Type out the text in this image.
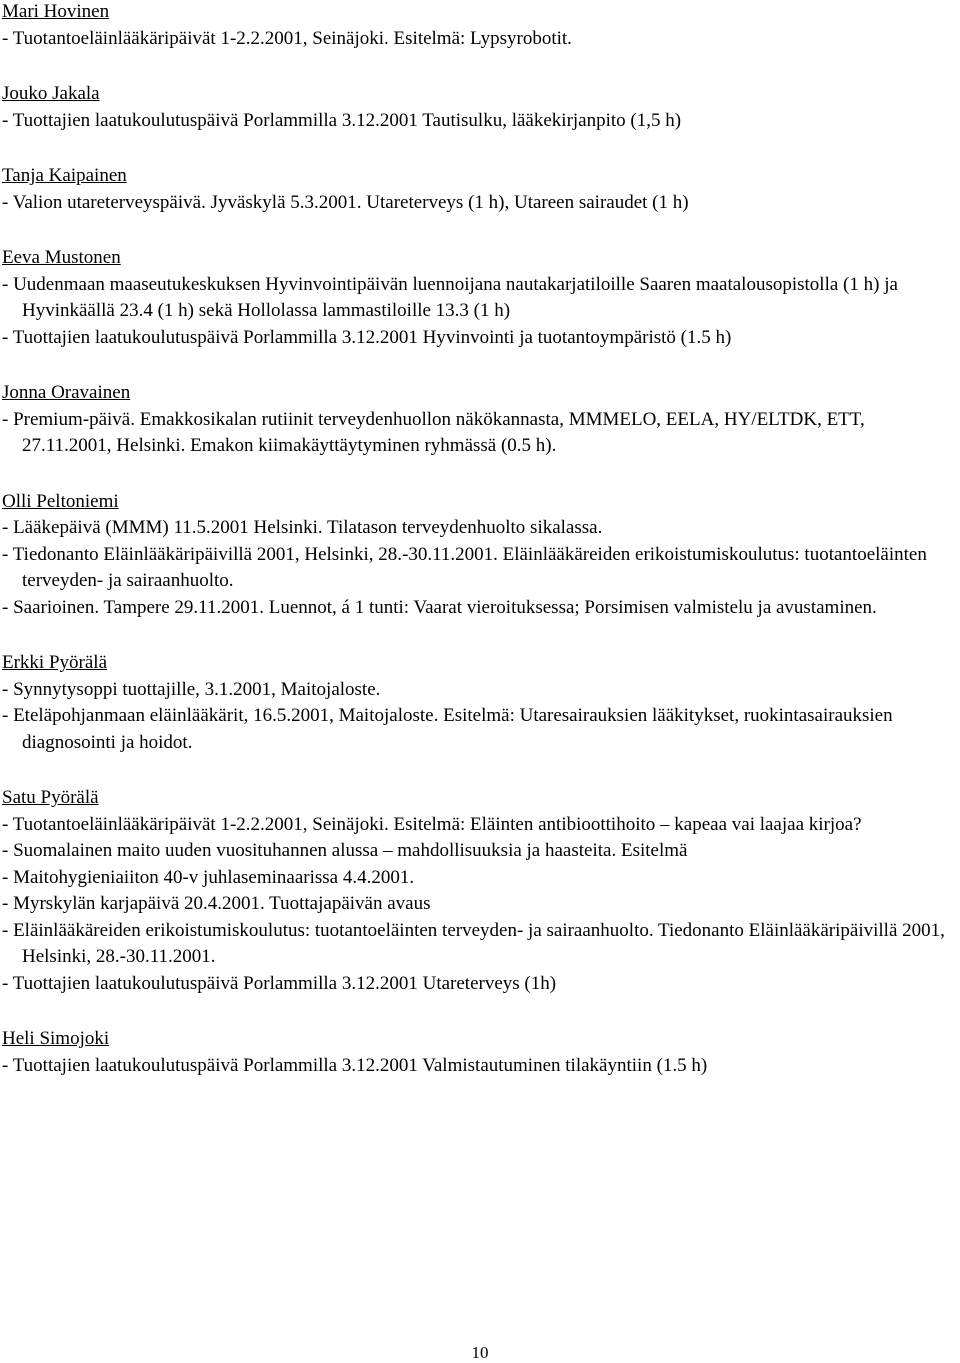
Mari Hovinen
- Tuotantoeläinlääkäripäivät 1-2.2.2001, Seinäjoki. Esitelmä: Lypsyrobotit.
Jouko Jakala
- Tuottajien laatukoulutuspäivä Porlammilla 3.12.2001 Tautisulku, lääkekirjanpito (1,5 h)
Tanja Kaipainen
- Valion utareterveyspäivä. Jyväskylä 5.3.2001. Utareterveys (1 h), Utareen sairaudet (1 h)
Eeva Mustonen
- Uudenmaan maaseutukeskuksen Hyvinvointipäivän luennoijana nautakarjatiloille Saaren maatalousopistolla (1 h) ja Hyvinkäällä 23.4 (1 h) sekä Hollolassa lammastiloille 13.3 (1 h)
- Tuottajien laatukoulutuspäivä Porlammilla 3.12.2001 Hyvinvointi ja tuotantoympäristö (1.5 h)
Jonna Oravainen
- Premium-päivä. Emakkosikalan rutiinit terveydenhuollon näkökannasta, MMMELO, EELA, HY/ELTDK, ETT, 27.11.2001, Helsinki. Emakon kiimakäyttäytyminen ryhmässä (0.5 h).
Olli Peltoniemi
- Lääkepäivä (MMM) 11.5.2001 Helsinki. Tilatason terveydenhuolto sikalassa.
- Tiedonanto Eläinlääkäripäivillä 2001, Helsinki, 28.-30.11.2001. Eläinlääkäreiden erikoistumiskoulutus: tuotantoeläinten terveyden- ja sairaanhuolto.
- Saarioinen. Tampere 29.11.2001. Luennot, á 1 tunti: Vaarat vieroituksessa; Porsimisen valmistelu ja avustaminen.
Erkki Pyörälä
- Synnytysoppi tuottajille, 3.1.2001, Maitojaloste.
- Eteläpohjanmaan eläinlääkärit, 16.5.2001, Maitojaloste. Esitelmä: Utaresairauksien lääkitykset, ruokintasairauksien diagnosointi ja hoidot.
Satu Pyörälä
- Tuotantoeläinlääkäripäivät 1-2.2.2001, Seinäjoki. Esitelmä: Eläinten antibioottihoito – kapeaa vai laajaa kirjoa?
- Suomalainen maito uuden vuosituhannen alussa – mahdollisuuksia ja haasteita. Esitelmä
- Maitohygieniaiiton 40-v juhlaseminaarissa 4.4.2001.
- Myrskylän karjapäivä 20.4.2001. Tuottajapäivän avaus
- Eläinlääkäreiden erikoistumiskoulutus: tuotantoeläinten terveyden- ja sairaanhuolto. Tiedonanto Eläinlääkäripäivillä 2001, Helsinki, 28.-30.11.2001.
- Tuottajien laatukoulutuspäivä Porlammilla 3.12.2001 Utareterveys (1h)
Heli Simojoki
- Tuottajien laatukoulutuspäivä Porlammilla 3.12.2001 Valmistautuminen tilakäyntiin (1.5 h)
10
